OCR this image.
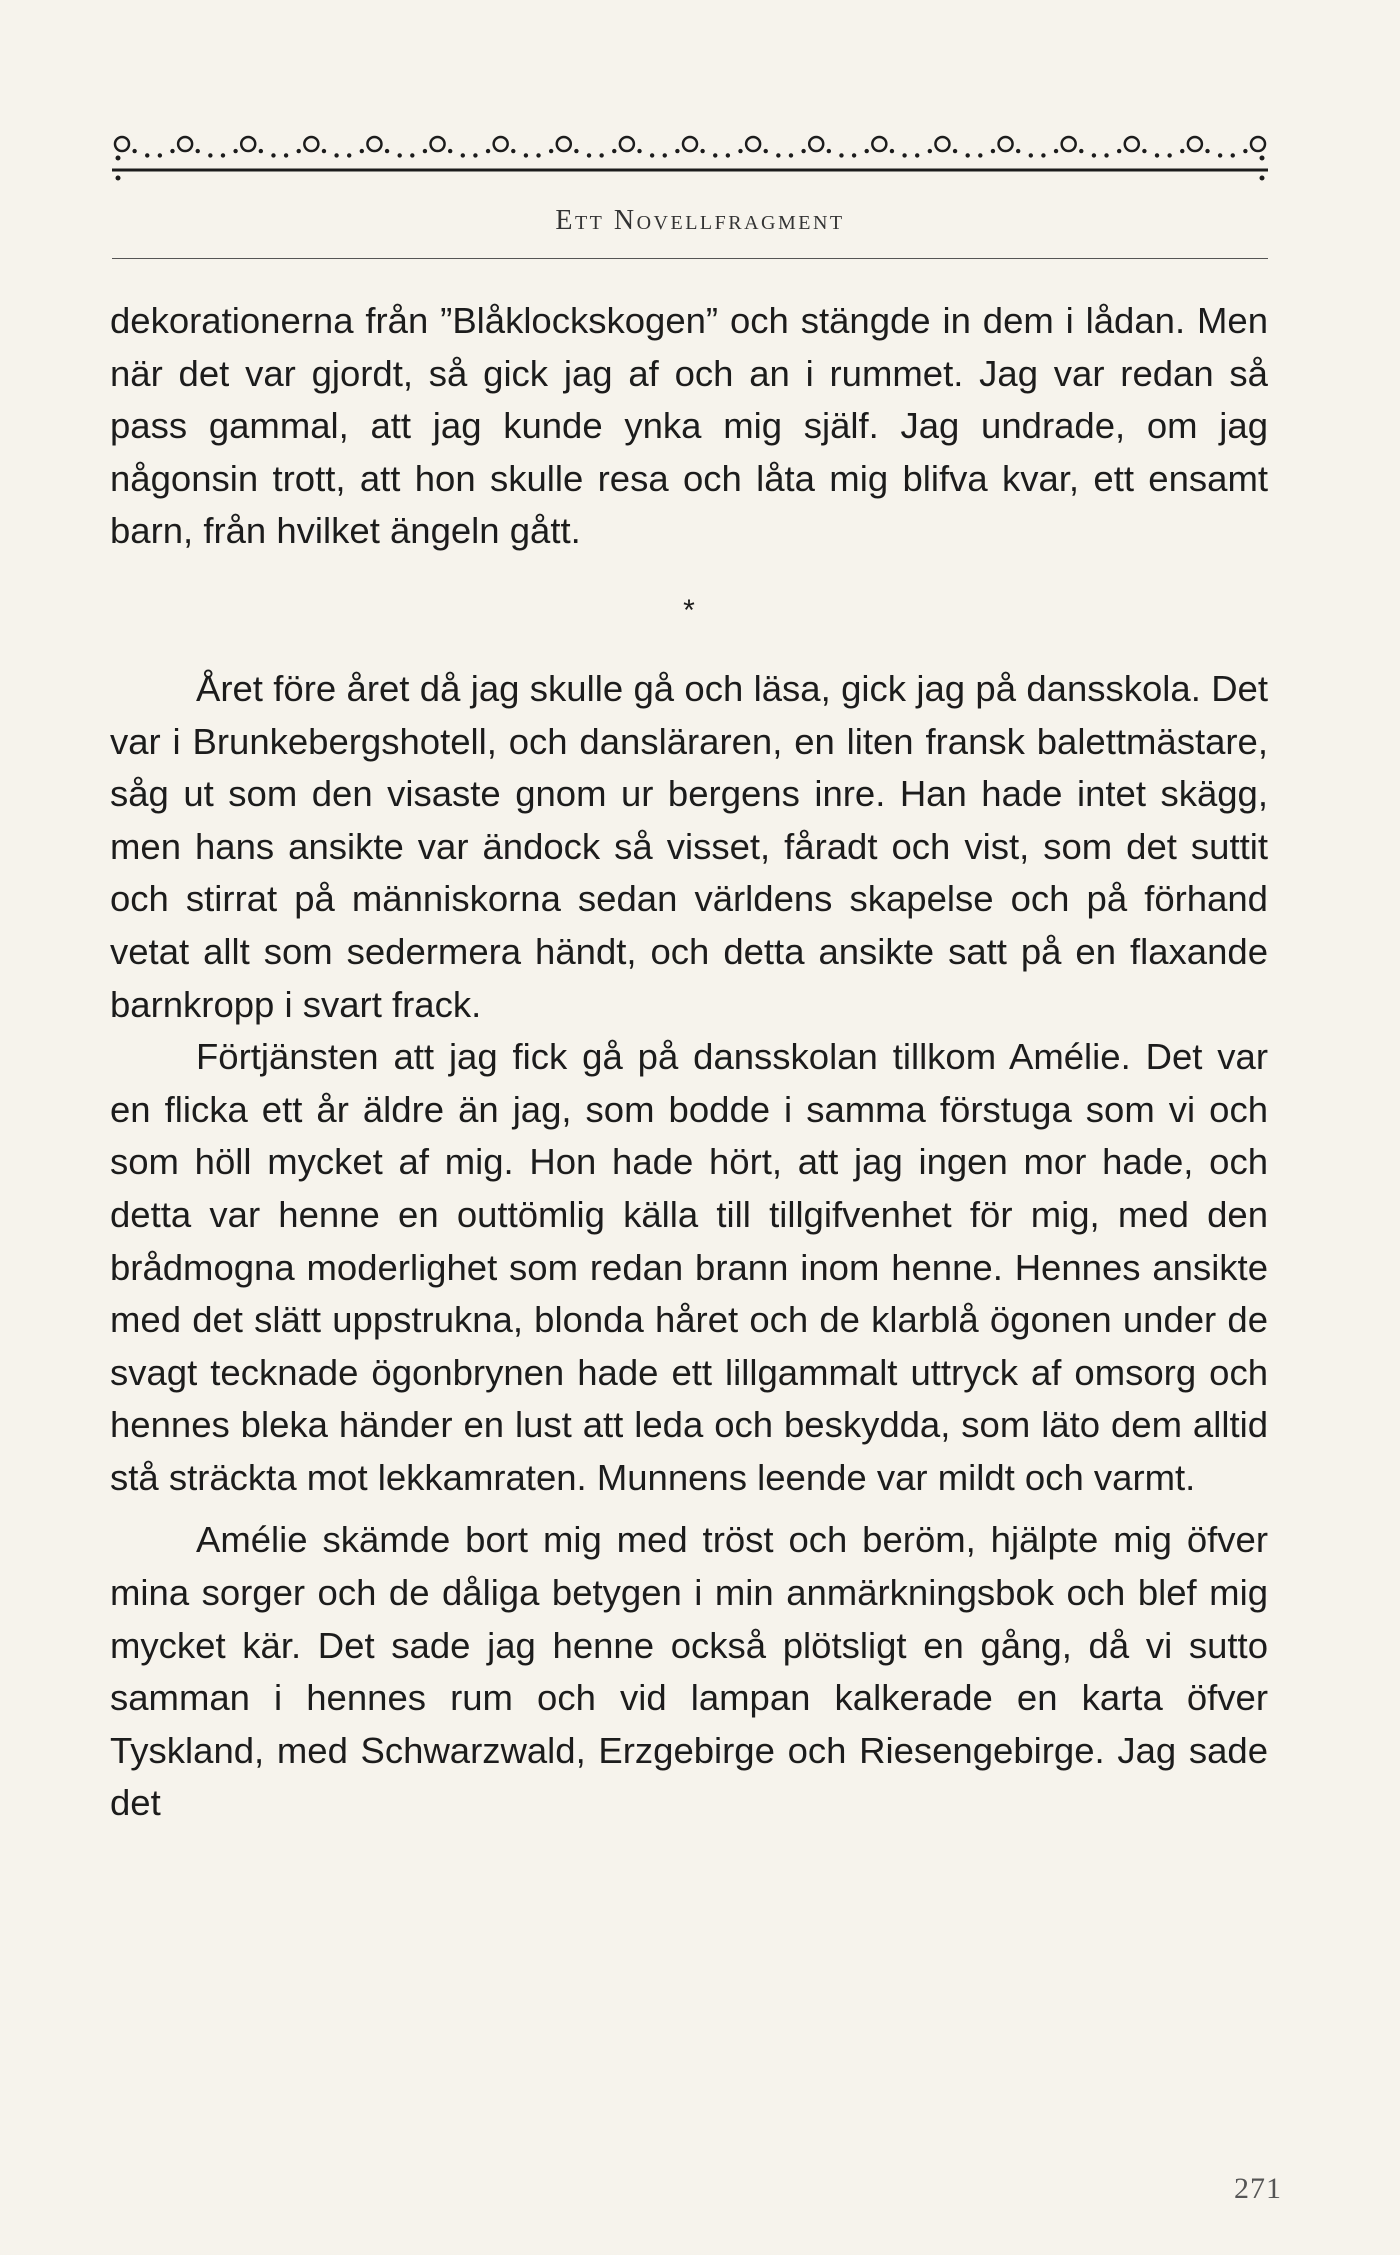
Ett Novellfragment

dekorationerna från ”Blåklockskogen” och stängde in dem i lådan. Men när det var gjordt, så gick jag af och an i rummet. Jag var redan så pass gammal, att jag kunde ynka mig själf. Jag undrade, om jag någonsin trott, att hon skulle resa och låta mig blifva kvar, ett ensamt barn, från hvilket ängeln gått.

*

Året före året då jag skulle gå och läsa, gick jag på dansskola. Det var i Brunkebergshotell, och dansläraren, en liten fransk balettmästare, såg ut som den visaste gnom ur bergens inre. Han hade intet skägg, men hans ansikte var ändock så visset, fåradt och vist, som det suttit och stirrat på människorna sedan världens skapelse och på förhand vetat allt som sedermera händt, och detta ansikte satt på en flaxande barnkropp i svart frack.

Förtjänsten att jag fick gå på dansskolan tillkom Amélie. Det var en flicka ett år äldre än jag, som bodde i samma förstuga som vi och som höll mycket af mig. Hon hade hört, att jag ingen mor hade, och detta var henne en outtömlig källa till tillgifvenhet för mig, med den brådmogna moderlighet som redan brann inom henne. Hennes ansikte med det slätt uppstrukna, blonda håret och de klarblå ögonen under de svagt tecknade ögonbrynen hade ett lillgammalt uttryck af omsorg och hennes bleka händer en lust att leda och beskydda, som läto dem alltid stå sträckta mot lekkamraten. Munnens leende var mildt och varmt.

Amélie skämde bort mig med tröst och beröm, hjälpte mig öfver mina sorger och de dåliga betygen i min anmärkningsbok och blef mig mycket kär. Det sade jag henne också plötsligt en gång, då vi sutto samman i hennes rum och vid lampan kalkerade en karta öfver Tyskland, med Schwarzwald, Erzgebirge och Riesengebirge. Jag sade det

271
